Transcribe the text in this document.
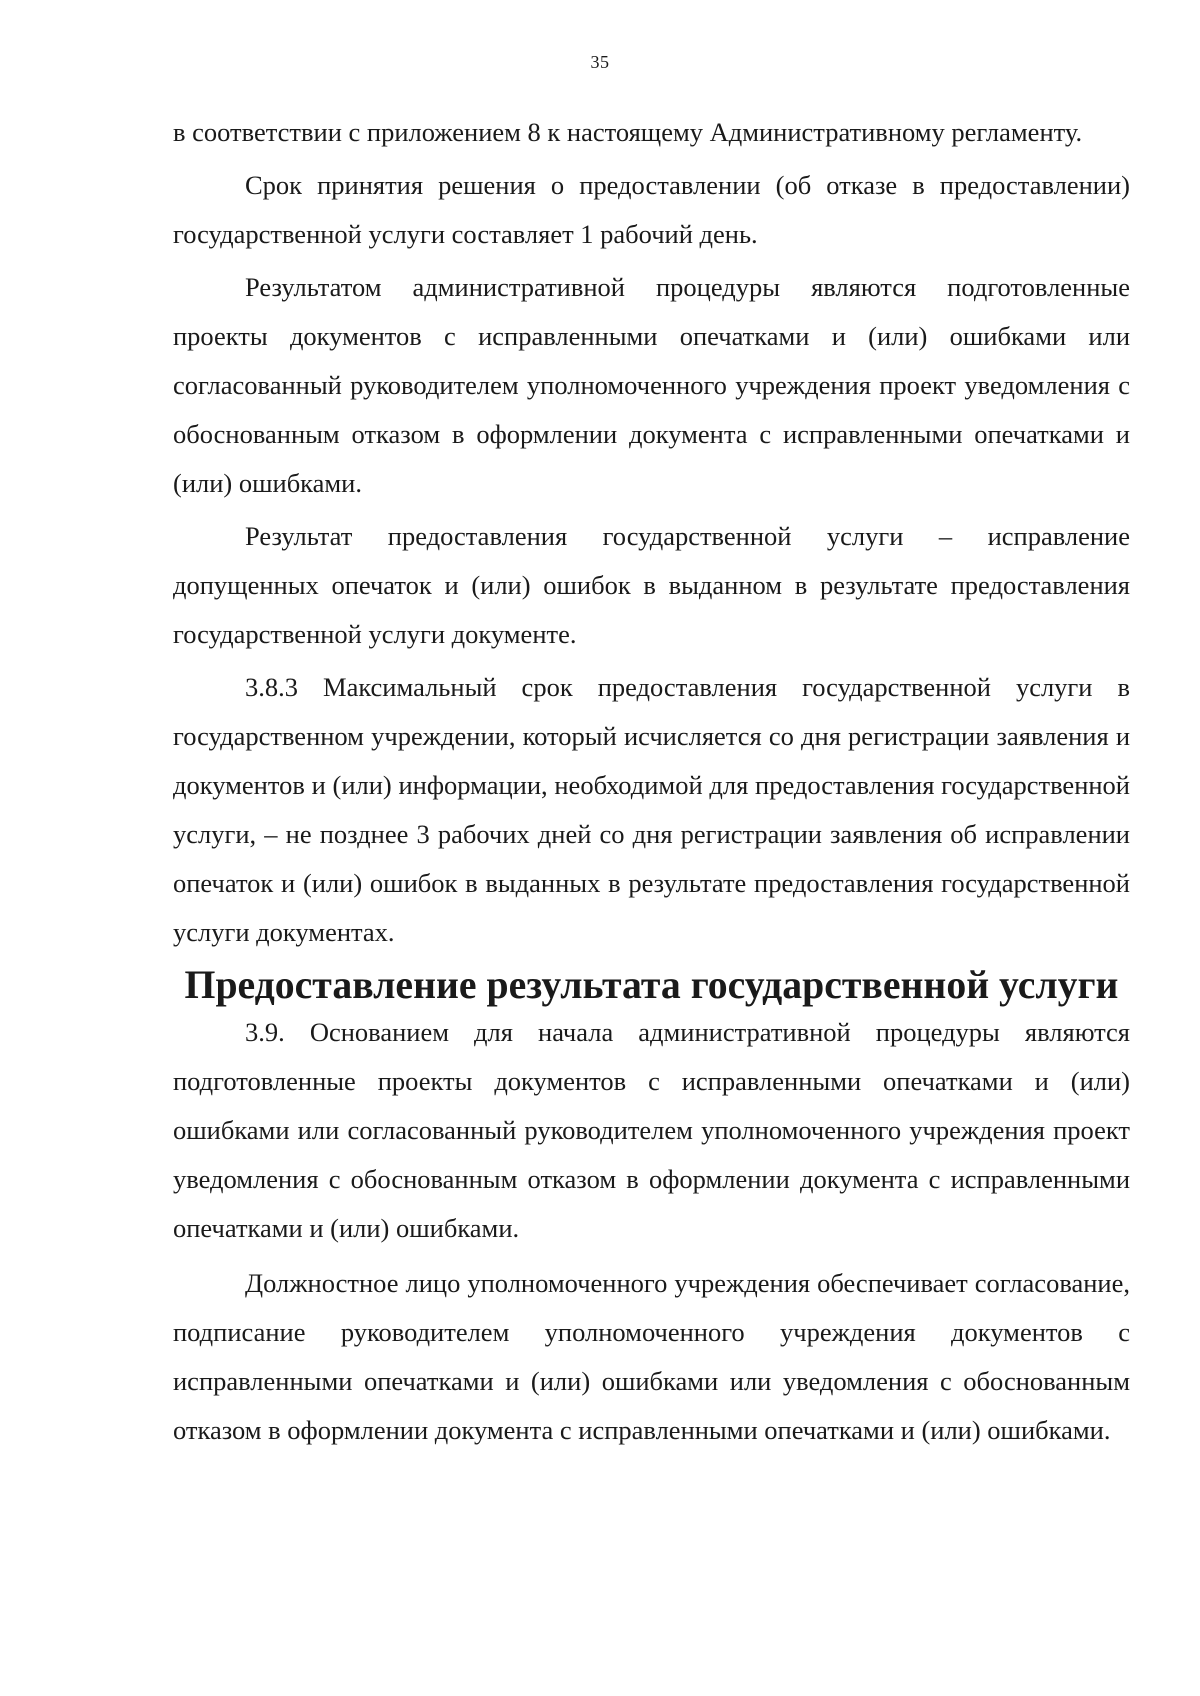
35

в соответствии с приложением 8 к настоящему Административному регламенту.

Срок принятия решения о предоставлении (об отказе в предоставлении) государственной услуги составляет 1 рабочий день.

Результатом административной процедуры являются подготовленные проекты документов с исправленными опечатками и (или) ошибками или согласованный руководителем уполномоченного учреждения проект уведомления с обоснованным отказом в оформлении документа с исправленными опечатками и (или) ошибками.

Результат предоставления государственной услуги – исправление допущенных опечаток и (или) ошибок в выданном в результате предоставления государственной услуги документе.

3.8.3 Максимальный срок предоставления государственной услуги в государственном учреждении, который исчисляется со дня регистрации заявления и документов и (или) информации, необходимой для предоставления государственной услуги, – не позднее 3 рабочих дней со дня регистрации заявления об исправлении опечаток и (или) ошибок в выданных в результате предоставления государственной услуги документах.

Предоставление результата государственной услуги

3.9. Основанием для начала административной процедуры являются подготовленные проекты документов с исправленными опечатками и (или) ошибками или согласованный руководителем уполномоченного учреждения проект уведомления с обоснованным отказом в оформлении документа с исправленными опечатками и (или) ошибками.

Должностное лицо уполномоченного учреждения обеспечивает согласование, подписание руководителем уполномоченного учреждения документов с исправленными опечатками и (или) ошибками или уведомления с обоснованным отказом в оформлении документа с исправленными опечатками и (или) ошибками.
